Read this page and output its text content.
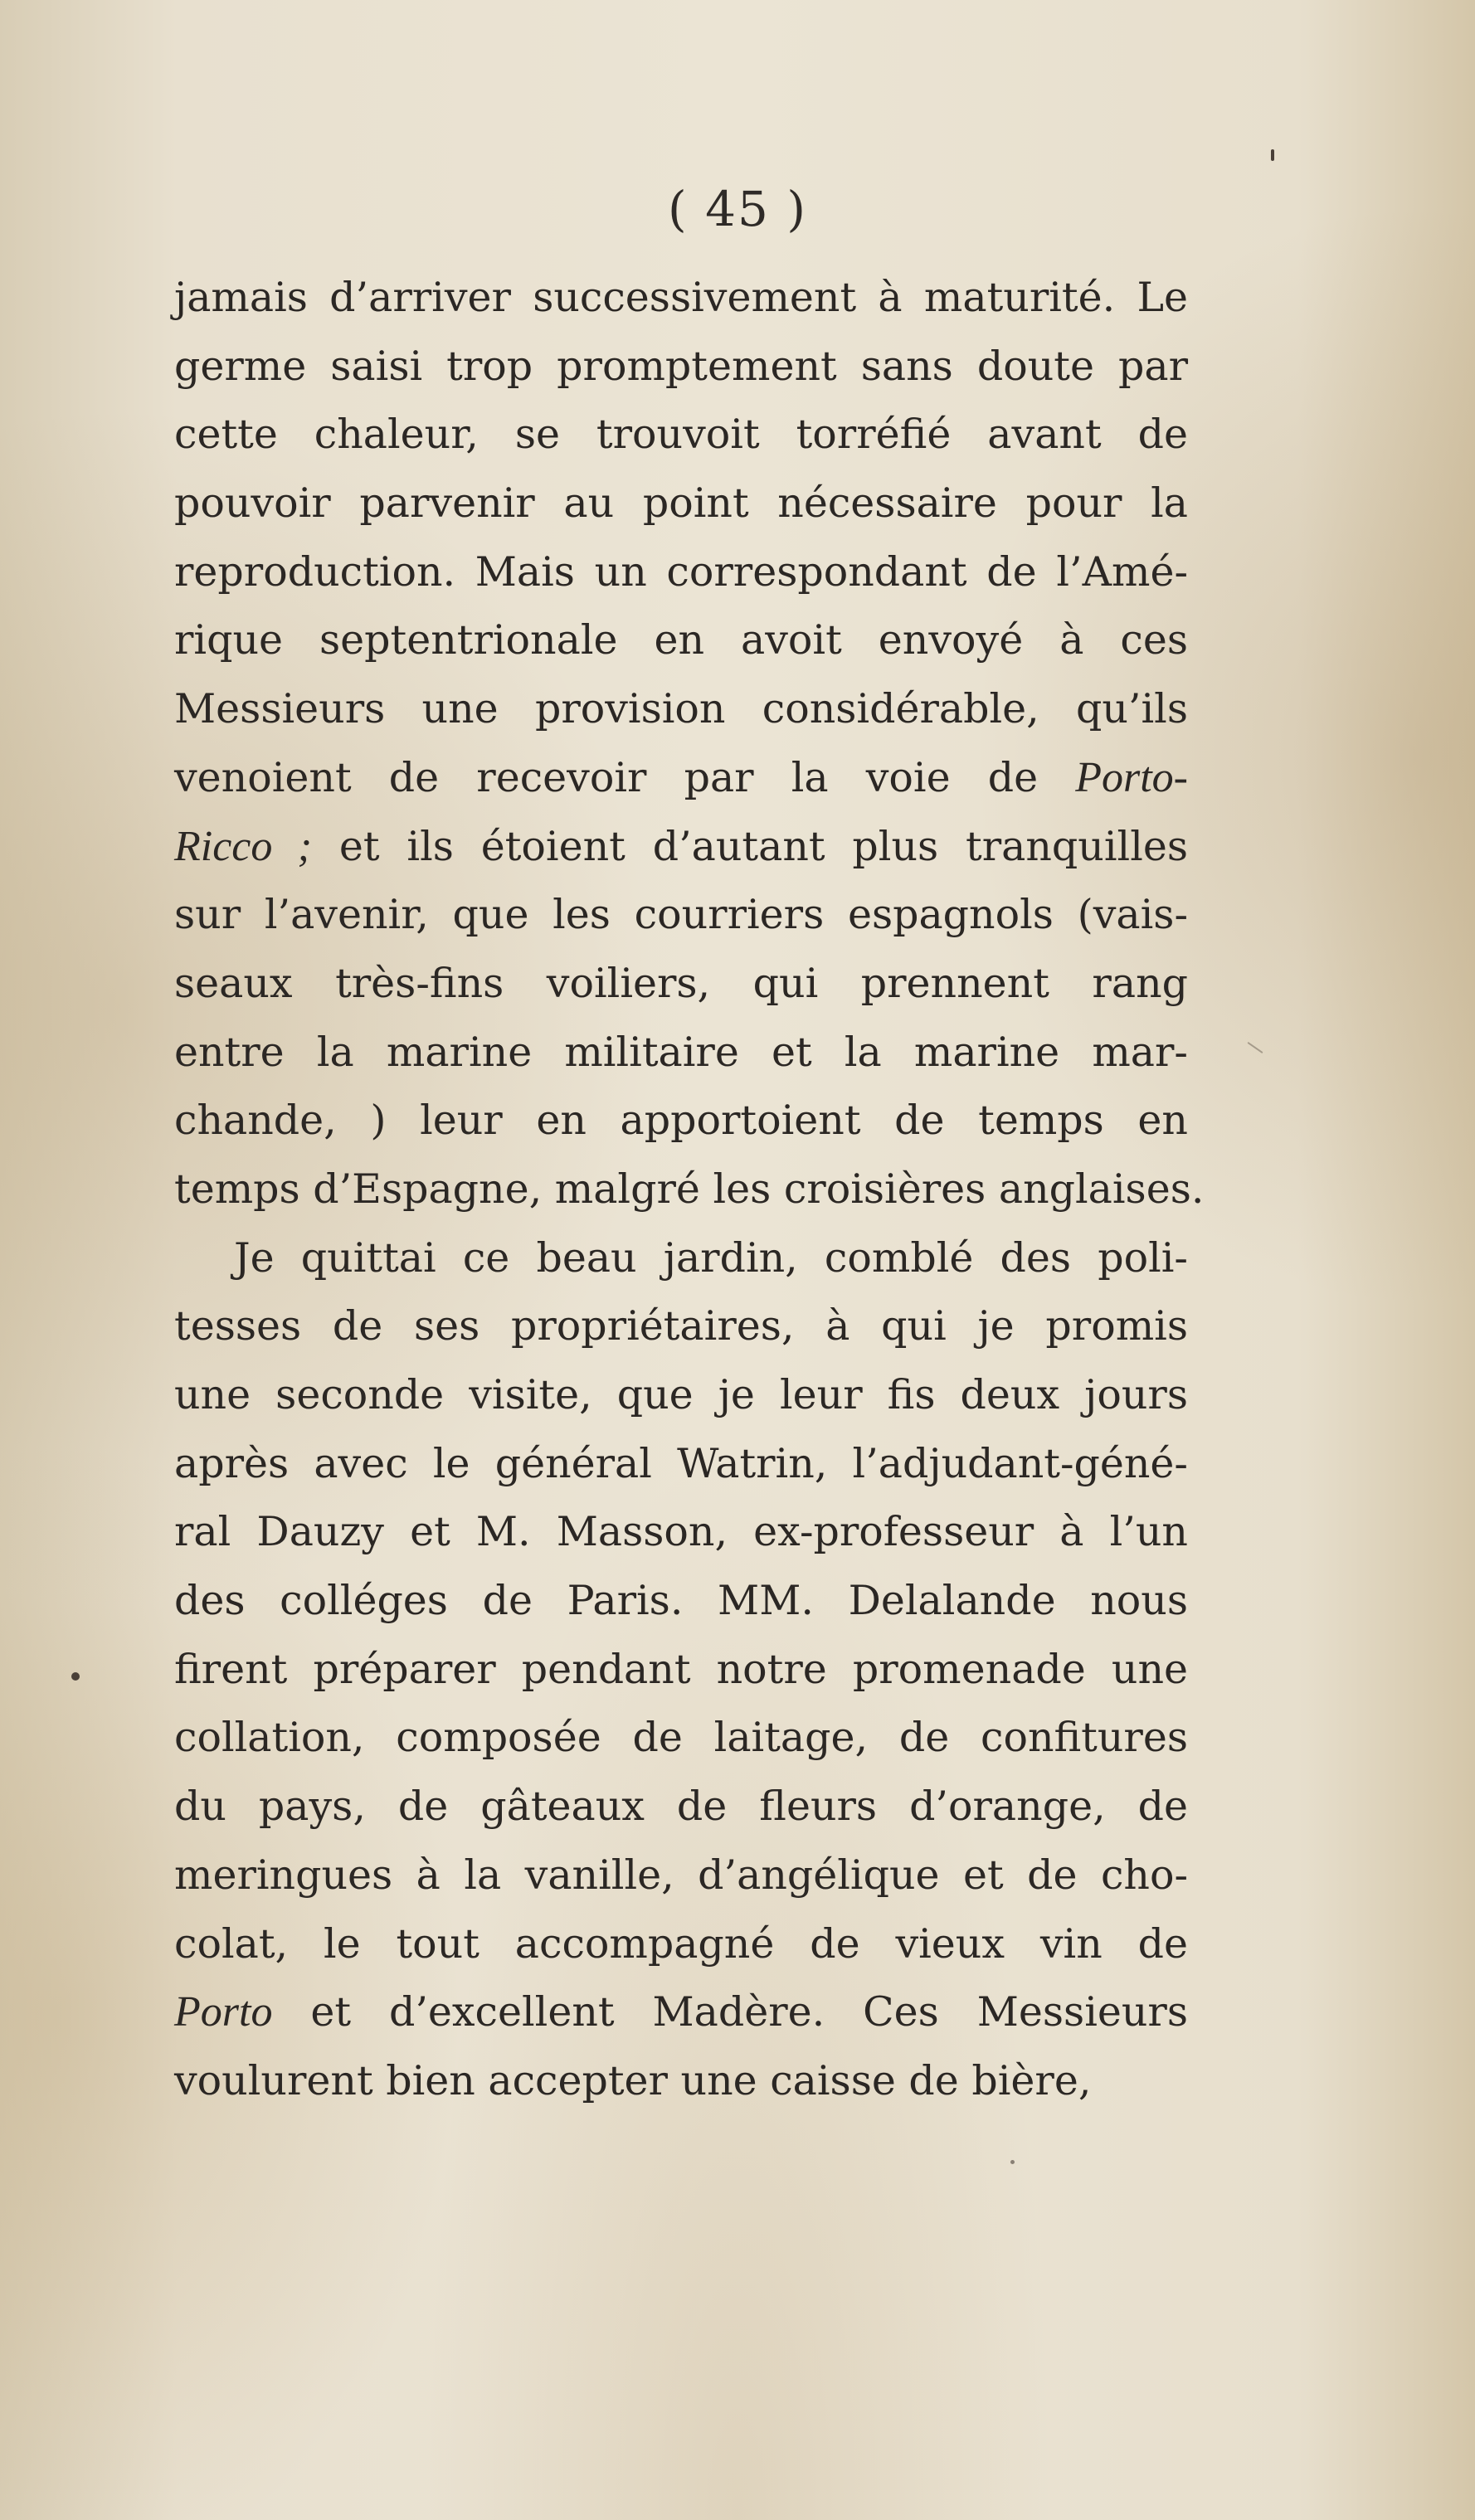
( 45 )
jamais d’arriver successivement à maturité. Le
germe saisi trop promptement sans doute par
cette chaleur, se trouvoit torréfié avant de
pouvoir parvenir au point nécessaire pour la
reproduction. Mais un correspondant de l’Amé-
rique septentrionale en avoit envoyé à ces
Messieurs une provision considérable, qu’ils
venoient de recevoir par la voie de Porto-
Ricco ; et ils étoient d’autant plus tranquilles
sur l’avenir, que les courriers espagnols (vais-
seaux très-fins voiliers, qui prennent rang
entre la marine militaire et la marine mar-
chande, ) leur en apportoient de temps en
temps d’Espagne, malgré les croisières anglaises.
Je quittai ce beau jardin, comblé des poli-
tesses de ses propriétaires, à qui je promis
une seconde visite, que je leur fis deux jours
après avec le général Watrin, l’adjudant-géné-
ral Dauzy et M. Masson, ex-professeur à l’un
des colléges de Paris. MM. Delalande nous
firent préparer pendant notre promenade une
collation, composée de laitage, de confitures
du pays, de gâteaux de fleurs d’orange, de
meringues à la vanille, d’angélique et de cho-
colat, le tout accompagné de vieux vin de
Porto et d’excellent Madère. Ces Messieurs
voulurent bien accepter une caisse de bière,
